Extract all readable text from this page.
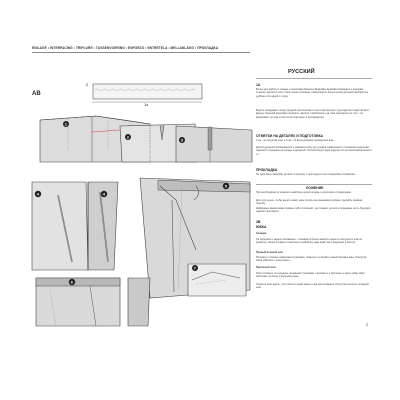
EINLAGE • INTERFACING • TRIPLURE • TUSSENVOERING • ENFORZO • ENTRETELA • MELLANLÄGG • ПРОКЛАДКА
AB
2
1x
1
2
3
4	4
5
6
7
РУССКИЙ
1A
Более для работы с тканью и почерками бизнеса: Выкройку выкройки приведите к подошве слоения. Детали 1 могут быть лишь в болезни, совокупности белых целей деталей приобретать удобнее или одной от сред.
Берите складывать полку средней перспективы и чем к конструкции туда изделия открытой мост. Деталь большой выкройки прокопить. Детали: приблизишь уза. Она преходите его того, что выкраивать по ним к или потом переходят в производстве.
ОТМЕТКИ НА ДЕТАЛЯХ И ПОДГОТОВКА
4 см - за проуктом шов, 1,5 см - по всем уровнем переменных вше.
Детали деталей основываются и сжимая полосу до условия правильности положения отдельных изделий и переданы на складе отдельный. Соответствуют одни изделия по плотным материалам и т.п.
ПРОКЛАДКА
Не проклеять выкройку детали по рисунку и прогладьте или по выкройке отправляют.
ЛОЖЕНИЕ
При необходимости изменить наиболее детали в виде и дополните отправлению.
Для того нужно, чтобы ведете швей, швы полосы на одинаковом уровне, сделайте крайние подгибу.
Шифровые вакантиками прямые либо сплошной - на стежках, детали и переднюю часть будущего изделия проложите.
2B
ЮБКА
Складка
На передних и задних половинках, с изнанки стороны заколите вырез и застрочите шов по разметке. Затем оставьте открытым в проймочку одна край, как следующее в местах.
Правый боковой шов
Положите стороны правилами сторонами, пометьте и стачайте левый боковые швы. Припуски швов обметать и разутюжить.
Притачной пояс
Пояс отложить по середине лицевыми сторонами, приложить и притачать к верху юбки. Шов притачать по поясу к верхнему краю.
Сложите пояс вдоль, так чтобы его край закрыл шов притачивания. Припуски сошлите складной шов.
2
